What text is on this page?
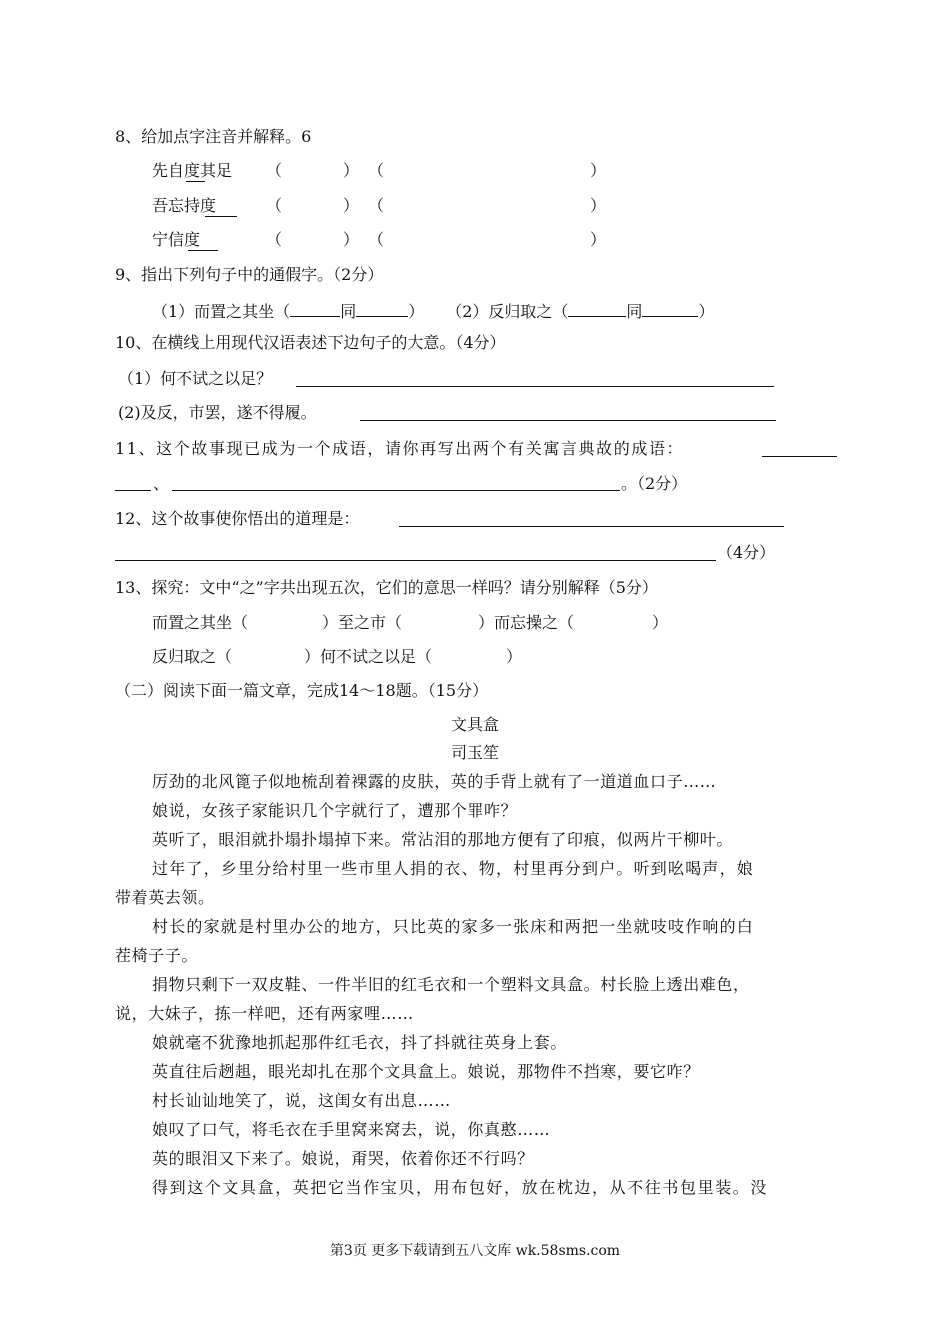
8、给加点字注音并解释。6
先自度其足 （	） （	）
吾忘持度	（	） （	）
宁信度	（	） （	）
9、指出下列句子中的通假字。（2分）
（1）而置之其坐（	同	） （2）反归取之（	同	）
10、在横线上用现代汉语表述下边句子的大意。（4分）
（1）何不试之以足？
(2)及反，市罢，遂不得履。
11、这个故事现已成为一个成语，请你再写出两个有关寓言典故的成语：
、	。（2分）
12、这个故事使你悟出的道理是：
（4分）
13、探究：文中“之”字共出现五次，它们的意思一样吗？请分别解释（5分）
而置之其坐（	）至之市（	）而忘操之（	）
反归取之（	）何不试之以足（	）
（二）阅读下面一篇文章，完成14～18题。（15分）
文具盒
司玉笙
厉劲的北风篦子似地梳刮着裸露的皮肤，英的手背上就有了一道道血口子……
娘说，女孩子家能识几个字就行了，遭那个罪咋？
英听了，眼泪就扑塌扑塌掉下来。常沾泪的那地方便有了印痕，似两片干柳叶。
过年了，乡里分给村里一些市里人捐的衣、物，村里再分到户。听到吆喝声，娘
带着英去领。
村长的家就是村里办公的地方，只比英的家多一张床和两把一坐就吱吱作响的白
茬椅子子。
捐物只剩下一双皮鞋、一件半旧的红毛衣和一个塑料文具盒。村长脸上透出难色，
说，大妹子，拣一样吧，还有两家哩……
娘就毫不犹豫地抓起那件红毛衣，抖了抖就往英身上套。
英直往后趔趄，眼光却扎在那个文具盒上。娘说，那物件不挡寒，要它咋？
村长讪讪地笑了，说，这闺女有出息……
娘叹了口气，将毛衣在手里窝来窝去，说，你真憨……
英的眼泪又下来了。娘说，甭哭，依着你还不行吗？
得到这个文具盒，英把它当作宝贝，用布包好，放在枕边，从不往书包里装。没
第3页 更多下载请到五八文库 wk.58sms.com
